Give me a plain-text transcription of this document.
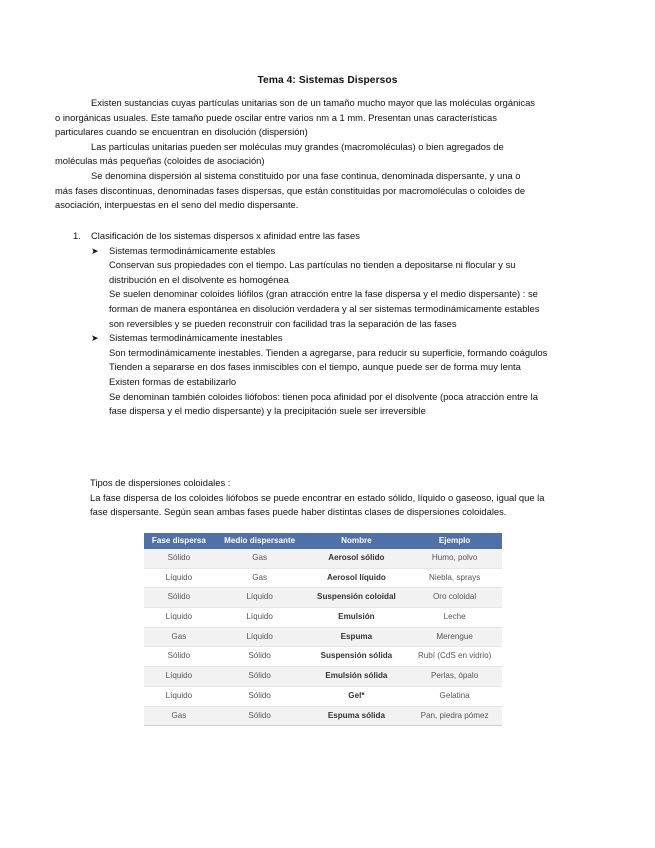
Tema 4: Sistemas Dispersos

Existen sustancias cuyas partículas unitarias son de un tamaño mucho mayor que las moléculas orgánicas o inorgánicas usuales. Este tamaño puede oscilar entre varios nm a 1 mm. Presentan unas características particulares cuando se encuentran en disolución (dispersión)

Las partículas unitarias pueden ser moléculas muy grandes (macromoléculas) o bien agregados de moléculas más pequeñas (coloides de asociación)

Se denomina dispersión al sistema constituido por una fase continua, denominada dispersante, y una o más fases discontinuas, denominadas fases dispersas, que están constituidas por macromoléculas o coloides de asociación, interpuestas en el seno del medio dispersante.

1. Clasificación de los sistemas dispersos x afinidad entre las fases
➤ Sistemas termodinámicamente estables
Conservan sus propiedades con el tiempo. Las partículas no tienden a depositarse ni flocular y su distribución en el disolvente es homogénea
Se suelen denominar coloides liófilos (gran atracción entre la fase dispersa y el medio dispersante) : se forman de manera espontánea en disolución verdadera y al ser sistemas termodinámicamente estables son reversibles y se pueden reconstruir con facilidad tras la separación de las fases
➤ Sistemas termodinámicamente inestables
Son termodinámicamente inestables. Tienden a agregarse, para reducir su superficie, formando coágulos
Tienden a separarse en dos fases inmiscibles con el tiempo, aunque puede ser de forma muy lenta
Existen formas de estabilizarlo
Se denominan también coloides liófobos: tienen poca afinidad por el disolvente (poca atracción entre la fase dispersa y el medio dispersante) y la precipitación suele ser irreversible

Tipos de dispersiones coloidales :

La fase dispersa de los coloides liófobos se puede encontrar en estado sólido, líquido o gaseoso, igual que la fase dispersante. Según sean ambas fases puede haber distintas clases de dispersiones coloidales.

Fase dispersa	Medio dispersante	Nombre	Ejemplo
Sólido	Gas	Aerosol sólido	Humo, polvo
Líquido	Gas	Aerosol líquido	Niebla, sprays
Sólido	Líquido	Suspensión coloidal	Oro coloidal
Líquido	Líquido	Emulsión	Leche
Gas	Líquido	Espuma	Merengue
Sólido	Sólido	Suspensión sólida	Rubí (CdS en vidrio)
Líquido	Sólido	Emulsión sólida	Perlas, ópalo
Líquido	Sólido	Gel*	Gelatina
Gas	Sólido	Espuma sólida	Pan, piedra pómez
